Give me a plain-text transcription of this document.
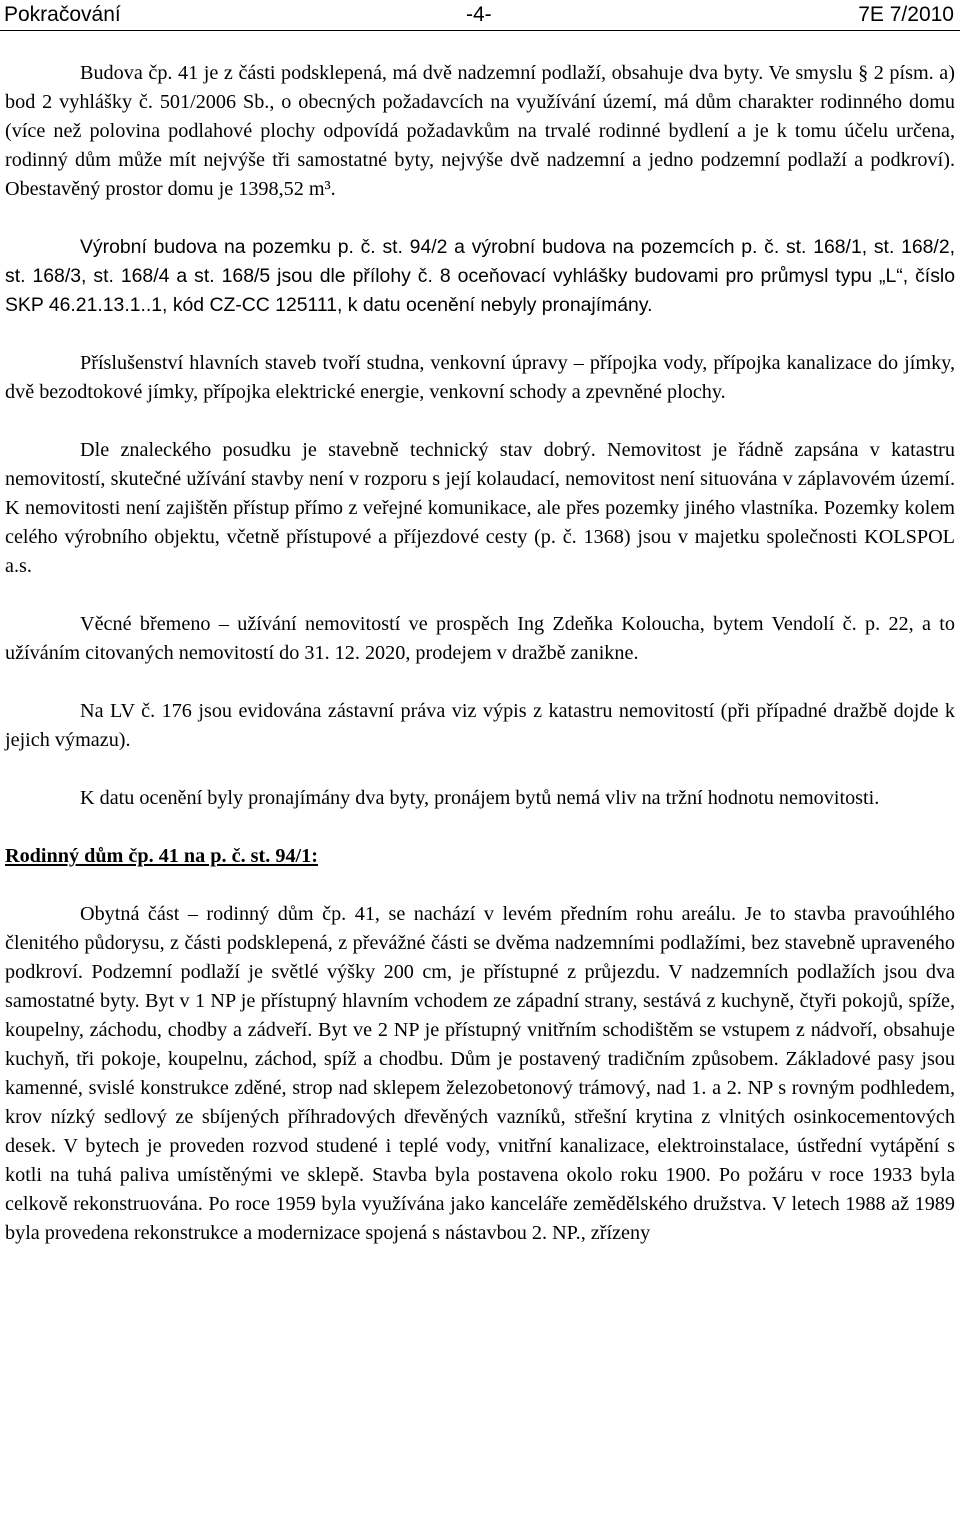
Pokračování	-4-	7E 7/2010

Budova čp. 41 je z části podsklepená, má dvě nadzemní podlaží, obsahuje dva byty. Ve smyslu § 2 písm. a) bod 2 vyhlášky č. 501/2006 Sb., o obecných požadavcích na využívání území, má dům charakter rodinného domu (více než polovina podlahové plochy odpovídá požadavkům na trvalé rodinné bydlení a je k tomu účelu určena, rodinný dům může mít nejvýše tři samostatné byty, nejvýše dvě nadzemní a jedno podzemní podlaží a podkroví). Obestavěný prostor domu je 1398,52 m³.

Výrobní budova na pozemku p. č. st. 94/2 a výrobní budova na pozemcích p. č. st. 168/1, st. 168/2, st. 168/3, st. 168/4 a st. 168/5 jsou dle přílohy č. 8 oceňovací vyhlášky budovami pro průmysl typu „L“, číslo SKP 46.21.13.1..1, kód CZ-CC 125111, k datu ocenění nebyly pronajímány.

Příslušenství hlavních staveb tvoří studna, venkovní úpravy – přípojka vody, přípojka kanalizace do jímky, dvě bezodtokové jímky, přípojka elektrické energie, venkovní schody a zpevněné plochy.

Dle znaleckého posudku je stavebně technický stav dobrý. Nemovitost je řádně zapsána v katastru nemovitostí, skutečné užívání stavby není v rozporu s její kolaudací, nemovitost není situována v záplavovém území. K nemovitosti není zajištěn přístup přímo z veřejné komunikace, ale přes pozemky jiného vlastníka. Pozemky kolem celého výrobního objektu, včetně přístupové a příjezdové cesty (p. č. 1368) jsou v majetku společnosti KOLSPOL a.s.

Věcné břemeno – užívání nemovitostí ve prospěch Ing Zdeňka Koloucha, bytem Vendolí č. p. 22, a to užíváním citovaných nemovitostí do 31. 12. 2020, prodejem v dražbě zanikne.

Na LV č. 176 jsou evidována zástavní práva viz výpis z katastru nemovitostí (při případné dražbě dojde k jejich výmazu).

K datu ocenění byly pronajímány dva byty, pronájem bytů nemá vliv na tržní hodnotu nemovitosti.

Rodinný dům čp. 41 na p. č. st. 94/1:

Obytná část – rodinný dům čp. 41, se nachází v levém předním rohu areálu. Je to stavba pravoúhlého členitého půdorysu, z části podsklepená, z převážné části se dvěma nadzemními podlažími, bez stavebně upraveného podkroví. Podzemní podlaží je světlé výšky 200 cm, je přístupné z průjezdu. V nadzemních podlažích jsou dva samostatné byty. Byt v 1 NP je přístupný hlavním vchodem ze západní strany, sestává z kuchyně, čtyři pokojů, spíže, koupelny, záchodu, chodby a zádveří. Byt ve 2 NP je přístupný vnitřním schodištěm se vstupem z nádvoří, obsahuje kuchyň, tři pokoje, koupelnu, záchod, spíž a chodbu. Dům je postavený tradičním způsobem. Základové pasy jsou kamenné, svislé konstrukce zděné, strop nad sklepem železobetonový trámový, nad 1. a 2. NP s rovným podhledem, krov nízký sedlový ze sbíjených příhradových dřevěných vazníků, střešní krytina z vlnitých osinkocementových desek. V bytech je proveden rozvod studené i teplé vody, vnitřní kanalizace, elektroinstalace, ústřední vytápění s kotli na tuhá paliva umístěnými ve sklepě. Stavba byla postavena okolo roku 1900. Po požáru v roce 1933 byla celkově rekonstruována. Po roce 1959 byla využívána jako kanceláře zemědělského družstva. V letech 1988 až 1989 byla provedena rekonstrukce a modernizace spojená s nástavbou 2. NP., zřízeny
